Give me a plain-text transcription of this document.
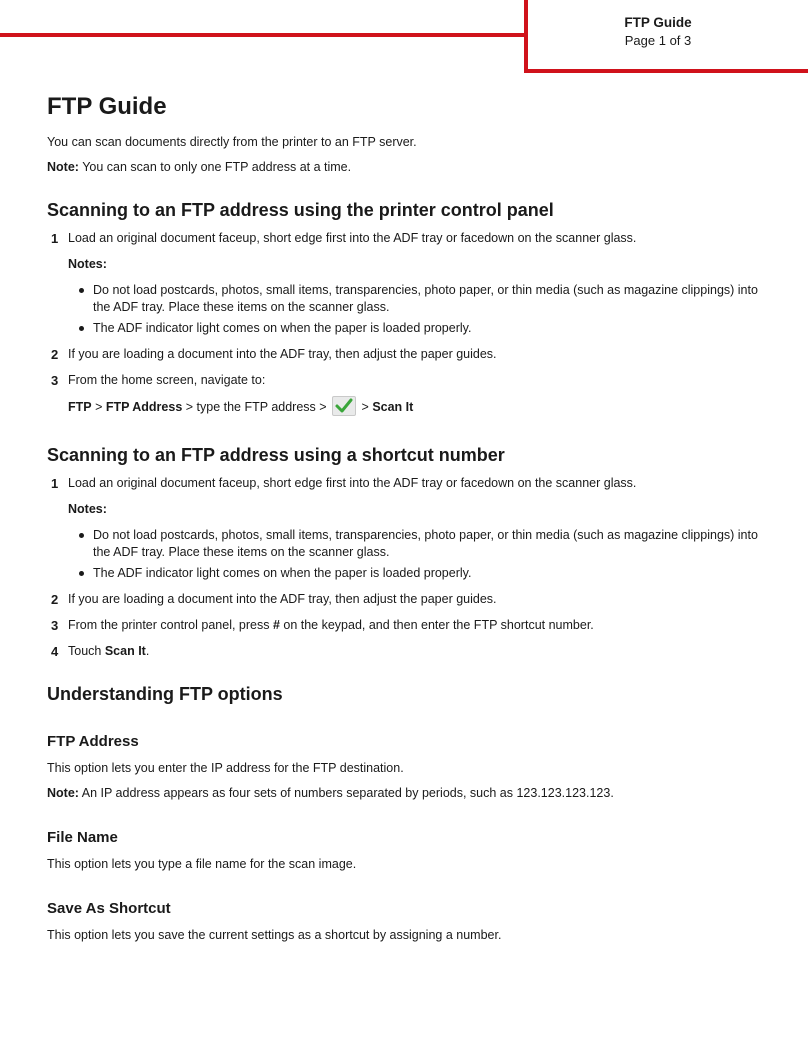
FTP Guide
Page 1 of 3
FTP Guide

You can scan documents directly from the printer to an FTP server.

Note: You can scan to only one FTP address at a time.

Scanning to an FTP address using the printer control panel
1 Load an original document faceup, short edge first into the ADF tray or facedown on the scanner glass.
Notes:
Do not load postcards, photos, small items, transparencies, photo paper, or thin media (such as magazine clippings) into the ADF tray. Place these items on the scanner glass.
The ADF indicator light comes on when the paper is loaded properly.
2 If you are loading a document into the ADF tray, then adjust the paper guides.
3 From the home screen, navigate to:

FTP > FTP Address > type the FTP address >  > Scan It

Scanning to an FTP address using a shortcut number
1 Load an original document faceup, short edge first into the ADF tray or facedown on the scanner glass.
Notes:
Do not load postcards, photos, small items, transparencies, photo paper, or thin media (such as magazine clippings) into the ADF tray. Place these items on the scanner glass.
The ADF indicator light comes on when the paper is loaded properly.
2 If you are loading a document into the ADF tray, then adjust the paper guides.
3 From the printer control panel, press # on the keypad, and then enter the FTP shortcut number.
4 Touch Scan It.
Understanding FTP options
FTP Address

This option lets you enter the IP address for the FTP destination.

Note: An IP address appears as four sets of numbers separated by periods, such as 123.123.123.123.

File Name

This option lets you type a file name for the scan image.

Save As Shortcut

This option lets you save the current settings as a shortcut by assigning a number.
